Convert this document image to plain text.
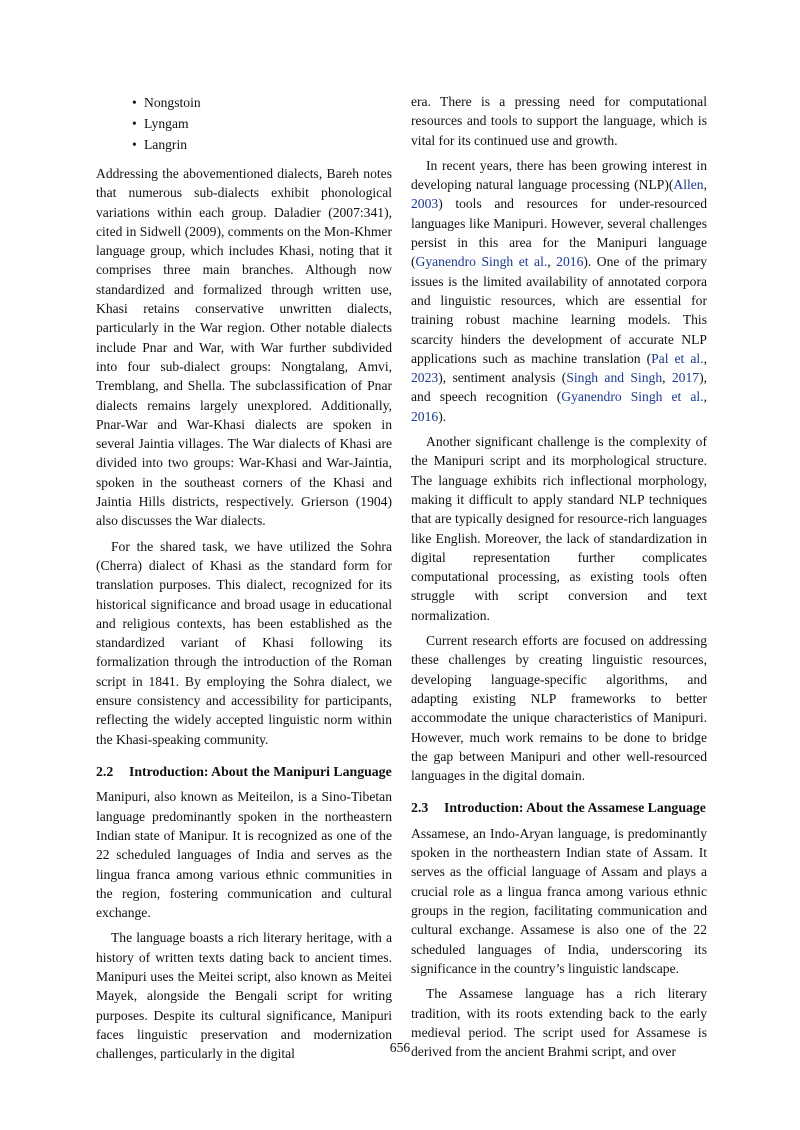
• Nongstoin
• Lyngam
• Langrin

Addressing the abovementioned dialects, Bareh notes that numerous sub-dialects exhibit phonological variations within each group. Daladier (2007:341), cited in Sidwell (2009), comments on the Mon-Khmer language group, which includes Khasi, noting that it comprises three main branches. Although now standardized and formalized through written use, Khasi retains conservative unwritten dialects, particularly in the War region. Other notable dialects include Pnar and War, with War further subdivided into four sub-dialect groups: Nongtalang, Amvi, Tremblang, and Shella. The subclassification of Pnar dialects remains largely unexplored. Additionally, Pnar-War and War-Khasi dialects are spoken in several Jaintia villages. The War dialects of Khasi are divided into two groups: War-Khasi and War-Jaintia, spoken in the southeast corners of the Khasi and Jaintia Hills districts, respectively. Grierson (1904) also discusses the War dialects.

For the shared task, we have utilized the Sohra (Cherra) dialect of Khasi as the standard form for translation purposes. This dialect, recognized for its historical significance and broad usage in educational and religious contexts, has been established as the standardized variant of Khasi following its formalization through the introduction of the Roman script in 1841. By employing the Sohra dialect, we ensure consistency and accessibility for participants, reflecting the widely accepted linguistic norm within the Khasi-speaking community.

2.2	Introduction: About the Manipuri Language

Manipuri, also known as Meiteilon, is a Sino-Tibetan language predominantly spoken in the northeastern Indian state of Manipur. It is recognized as one of the 22 scheduled languages of India and serves as the lingua franca among various ethnic communities in the region, fostering communication and cultural exchange.

The language boasts a rich literary heritage, with a history of written texts dating back to ancient times. Manipuri uses the Meitei script, also known as Meitei Mayek, alongside the Bengali script for writing purposes. Despite its cultural significance, Manipuri faces linguistic preservation and modernization challenges, particularly in the digital

era. There is a pressing need for computational resources and tools to support the language, which is vital for its continued use and growth.

In recent years, there has been growing interest in developing natural language processing (NLP)(Allen, 2003) tools and resources for under-resourced languages like Manipuri. However, several challenges persist in this area for the Manipuri language (Gyanendro Singh et al., 2016). One of the primary issues is the limited availability of annotated corpora and linguistic resources, which are essential for training robust machine learning models. This scarcity hinders the development of accurate NLP applications such as machine translation (Pal et al., 2023), sentiment analysis (Singh and Singh, 2017), and speech recognition (Gyanendro Singh et al., 2016).

Another significant challenge is the complexity of the Manipuri script and its morphological structure. The language exhibits rich inflectional morphology, making it difficult to apply standard NLP techniques that are typically designed for resource-rich languages like English. Moreover, the lack of standardization in digital representation further complicates computational processing, as existing tools often struggle with script conversion and text normalization.

Current research efforts are focused on addressing these challenges by creating linguistic resources, developing language-specific algorithms, and adapting existing NLP frameworks to better accommodate the unique characteristics of Manipuri. However, much work remains to be done to bridge the gap between Manipuri and other well-resourced languages in the digital domain.

2.3	Introduction: About the Assamese Language

Assamese, an Indo-Aryan language, is predominantly spoken in the northeastern Indian state of Assam. It serves as the official language of Assam and plays a crucial role as a lingua franca among various ethnic groups in the region, facilitating communication and cultural exchange. Assamese is also one of the 22 scheduled languages of India, underscoring its significance in the country’s linguistic landscape.

The Assamese language has a rich literary tradition, with its roots extending back to the early medieval period. The script used for Assamese is derived from the ancient Brahmi script, and over

656
